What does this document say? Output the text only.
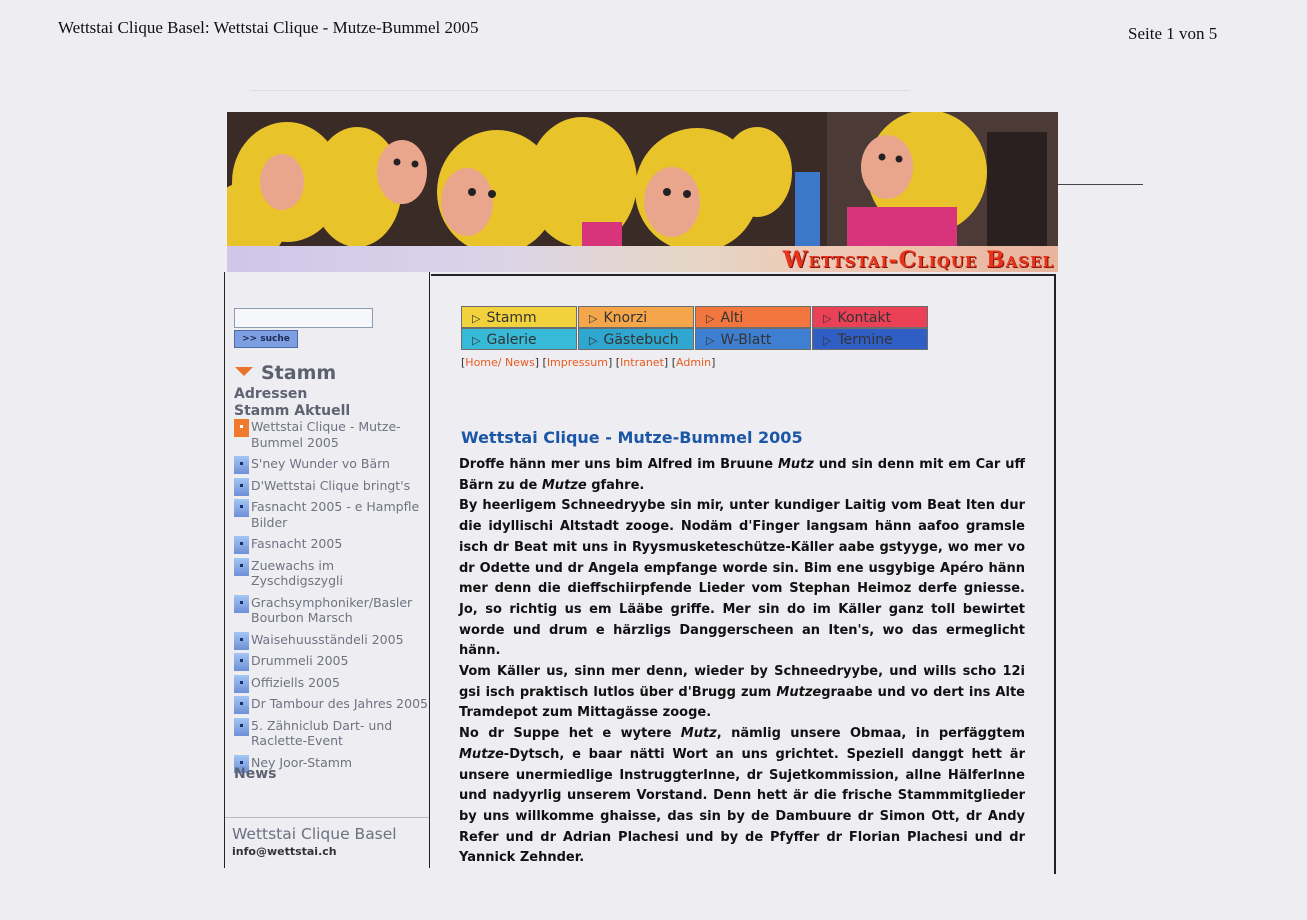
Wettstai Clique Basel: Wettstai Clique - Mutze-Bummel 2005	Seite 1 von 5
Wettstai-Clique Basel
>> suche
Stamm
Adressen
Stamm Aktuell
Wettstai Clique - Mutze-Bummel 2005
S'ney Wunder vo Bärn
D'Wettstai Clique bringt's
Fasnacht 2005 - e Hampfle Bilder
Fasnacht 2005
Zuewachs im Zyschdigszygli
Grachsymphoniker/Basler Bourbon Marsch
Waisehuusständeli 2005
Drummeli 2005
Offiziells 2005
Dr Tambour des Jahres 2005
5. Zähniclub Dart- und Raclette-Event
Ney Joor-Stamm
News
Wettstai Clique Basel
info@wettstai.ch
▷ Stamm	▷ Knorzi	▷ Alti	▷ Kontakt
▷ Galerie	▷ Gästebuch	▷ W-Blatt	▷ Termine
[Home/ News] [Impressum] [Intranet] [Admin]
Wettstai Clique - Mutze-Bummel 2005

Droffe hänn mer uns bim Alfred im Bruune Mutz und sin denn mit em Car uff Bärn zu de Mutze gfahre.

By heerligem Schneedryybe sin mir, unter kundiger Laitig vom Beat Iten dur die idyllischi Altstadt zooge. Nodäm d'Finger langsam hänn aafoo gramsle isch dr Beat mit uns in Ryysmusketeschütze-Käller aabe gstyyge, wo mer vo dr Odette und dr Angela empfange worde sin. Bim ene usgybige Apéro hänn mer denn die dieffschiirpfende Lieder vom Stephan Heimoz derfe gniesse. Jo, so richtig us em Lääbe griffe. Mer sin do im Käller ganz toll bewirtet worde und drum e härzligs Danggerscheen an Iten's, wo das ermeglicht hänn.

Vom Käller us, sinn mer denn, wieder by Schneedryybe, und wills scho 12i gsi isch praktisch lutlos über d'Brugg zum Mutzegraabe und vo dert ins Alte Tramdepot zum Mittagässe zooge.

No dr Suppe het e wytere Mutz, nämlig unsere Obmaa, in perfäggtem Mutze-Dytsch, e baar nätti Wort an uns grichtet. Speziell danggt hett är unsere unermiedlige InstruggterInne, dr Sujetkommission, allne HälferInne und nadyyrlig unserem Vorstand. Denn hett är die frische Stammmitglieder by uns willkomme ghaisse, das sin by de Dambuure dr Simon Ott, dr Andy Refer und dr Adrian Plachesi und by de Pfyffer dr Florian Plachesi und dr Yannick Zehnder.
